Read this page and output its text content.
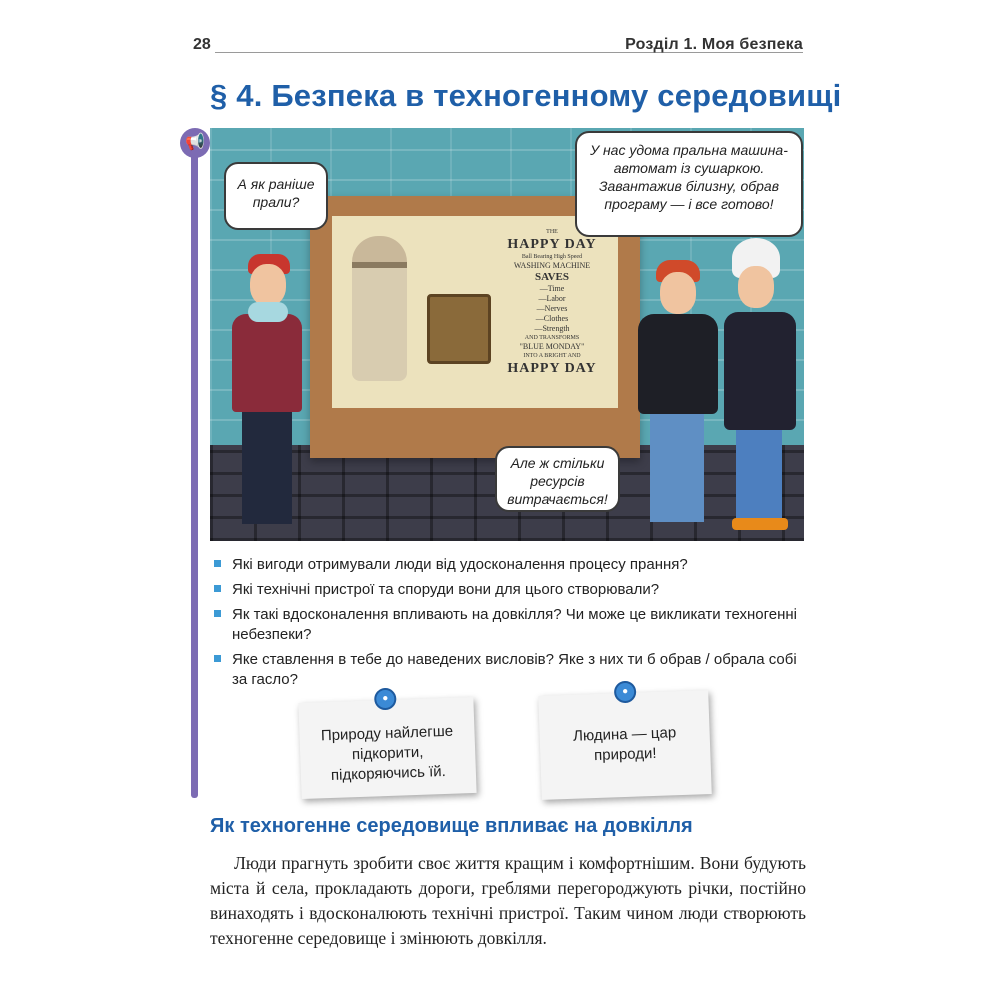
28	Розділ 1. Моя безпека
§ 4. Безпека в техногенному середовищі
📢
THE
HAPPY DAY
Ball Bearing High Speed
WASHING MACHINE
SAVES
—Time
—Labor
—Nerves
—Clothes
—Strength
AND TRANSFORMS
"BLUE MONDAY"
INTO A BRIGHT AND
HAPPY DAY
А як раніше прали?
У нас удома пральна машина-автомат із сушаркою. Завантажив білизну, обрав програму — і все готово!
Але ж стільки ресурсів витрачається!
Які вигоди отримували люди від удосконалення процесу прання?
Які технічні пристрої та споруди вони для цього створювали?
Як такі вдосконалення впливають на довкілля? Чи може це викликати техногенні небезпеки?
Яке ставлення в тебе до наведених висловів? Яке з них ти б обрав / обрала собі за гасло?
●
Природу найлегше підкорити, підкоряючись їй.
●
Людина — цар природи!
Як техногенне середовище впливає на довкілля

Люди прагнуть зробити своє життя кращим і комфортнішим. Вони будують міста й села, прокладають дороги, греблями перегороджують річки, постійно винаходять і вдосконалюють технічні пристрої. Таким чином люди створюють техногенне середовище і змінюють довкілля.
